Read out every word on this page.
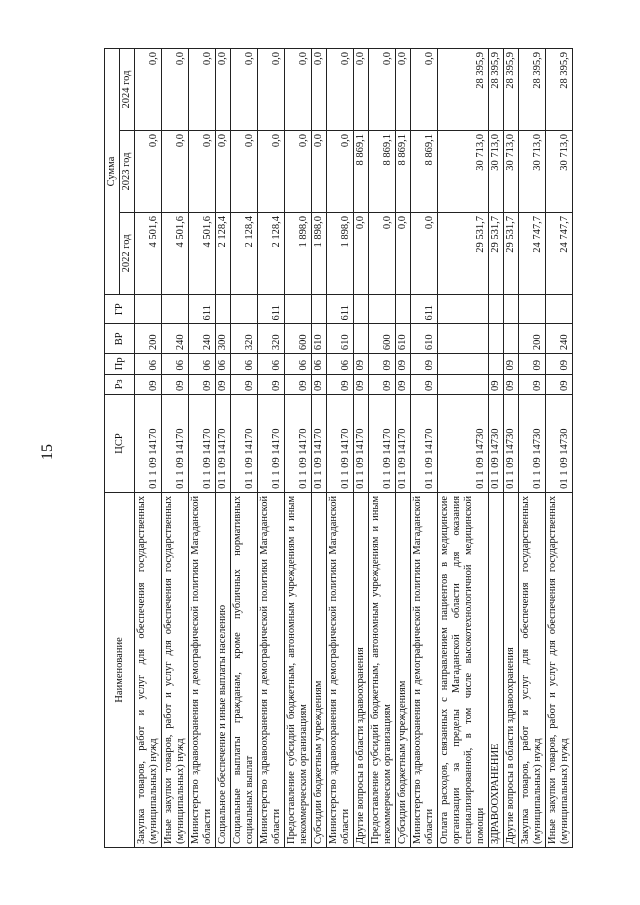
15
Наименование	ЦСР	Рз	Пр	ВР	ГР	Сумма		
						2022 год	2023 год	2024 год
Закупка товаров, работ и услуг для обеспечения государственных (муниципальных) нужд	01 1 09 14170	09	06	200		4 501,6	0,0	0,0
Иные закупки товаров, работ и услуг для обеспечения государственных (муниципальных) нужд	01 1 09 14170	09	06	240		4 501,6	0,0	0,0
Министерство здравоохранения и демографической политики Магаданской области	01 1 09 14170	09	06	240	611	4 501,6	0,0	0,0
Социальное обеспечение и иные выплаты населению	01 1 09 14170	09	06	300		2 128,4	0,0	0,0
Социальные выплаты гражданам, кроме публичных нормативных социальных выплат	01 1 09 14170	09	06	320		2 128,4	0,0	0,0
Министерство здравоохранения и демографической политики Магаданской области	01 1 09 14170	09	06	320	611	2 128,4	0,0	0,0
Предоставление субсидий бюджетным, автономным учреждениям и иным некоммерческим организациям	01 1 09 14170	09	06	600		1 898,0	0,0	0,0
Субсидии бюджетным учреждениям	01 1 09 14170	09	06	610		1 898,0	0,0	0,0
Министерство здравоохранения и демографической политики Магаданской области	01 1 09 14170	09	06	610	611	1 898,0	0,0	0,0
Другие вопросы в области здравоохранения	01 1 09 14170	09	09			0,0	8 869,1	0,0
Предоставление субсидий бюджетным, автономным учреждениям и иным некоммерческим организациям	01 1 09 14170	09	09	600		0,0	8 869,1	0,0
Субсидии бюджетным учреждениям	01 1 09 14170	09	09	610		0,0	8 869,1	0,0
Министерство здравоохранения и демографической политики Магаданской области	01 1 09 14170	09	09	610	611	0,0	8 869,1	0,0
Оплата расходов, связанных с направлением пациентов в медицинские организации за пределы Магаданской области для оказания специализированной, в том числе высокотехнологичной медицинской помощи	01 1 09 14730					29 531,7	30 713,0	28 395,9
ЗДРАВООХРАНЕНИЕ	01 1 09 14730	09				29 531,7	30 713,0	28 395,9
Другие вопросы в области здравоохранения	01 1 09 14730	09	09			29 531,7	30 713,0	28 395,9
Закупка товаров, работ и услуг для обеспечения государственных (муниципальных) нужд	01 1 09 14730	09	09	200		24 747,7	30 713,0	28 395,9
Иные закупки товаров, работ и услуг для обеспечения государственных (муниципальных) нужд	01 1 09 14730	09	09	240		24 747,7	30 713,0	28 395,9
